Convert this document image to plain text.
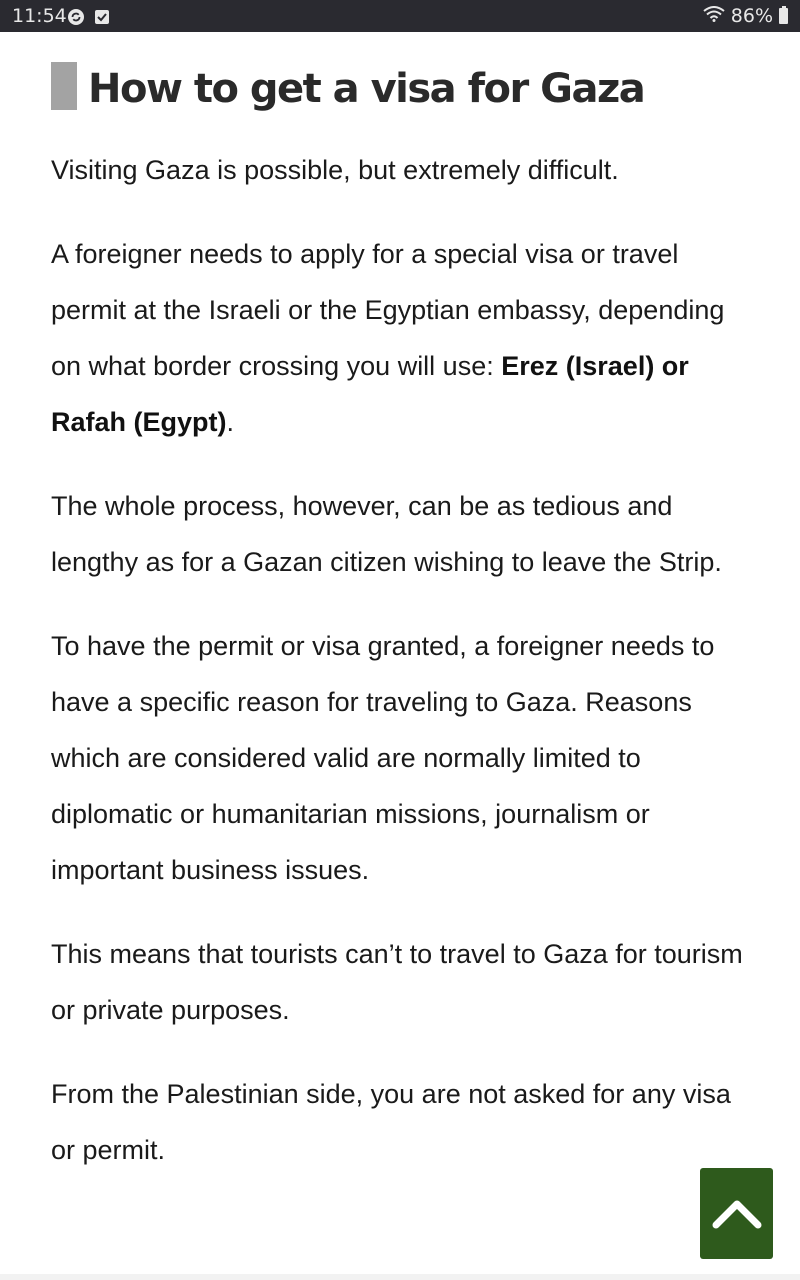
11:54	86%
How to get a visa for Gaza

Visiting Gaza is possible, but extremely difficult.

A foreigner needs to apply for a special visa or travel permit at the Israeli or the Egyptian embassy, depending on what border crossing you will use: Erez (Israel) or Rafah (Egypt).

The whole process, however, can be as tedious and lengthy as for a Gazan citizen wishing to leave the Strip.

To have the permit or visa granted, a foreigner needs to have a specific reason for traveling to Gaza. Reasons which are considered valid are normally limited to diplomatic or humanitarian missions, journalism or important business issues.

This means that tourists can’t to travel to Gaza for tourism or private purposes.

From the Palestinian side, you are not asked for any visa or permit.
